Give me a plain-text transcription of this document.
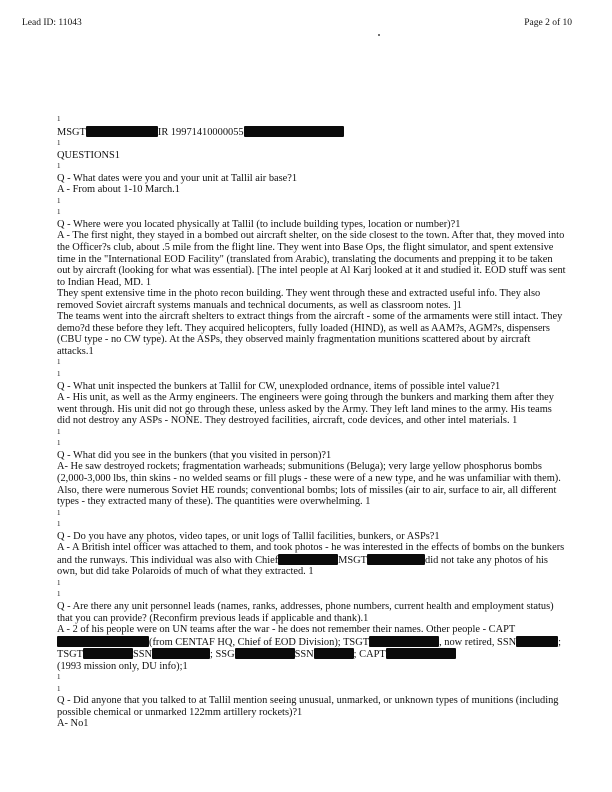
Lead ID: 11043	Page 2 of 10

1

MSGT	IR 19971410000055

1

QUESTIONS1

1

Q - What dates were you and your unit at Tallil air base?1

A - From about 1-10 March.1

1

1

Q - Where were you located physically at Tallil (to include building types, location or number)?1

A - The first night, they stayed in a bombed out aircraft shelter, on the side closest to the town. After that, they moved into the Officer?s club, about .5 mile from the flight line. They went into Base Ops, the flight simulator, and spent extensive time in the "International EOD Facility" (translated from Arabic), translating the documents and prepping it to be taken out by aircraft (looking for what was essential). [The intel people at Al Karj looked at it and studied it. EOD stuff was sent to Indian Head, MD. 1

They spent extensive time in the photo recon building. They went through these and extracted useful info. They also removed Soviet aircraft systems manuals and technical documents, as well as classroom notes. ]1

The teams went into the aircraft shelters to extract things from the aircraft - some of the armaments were still intact. They demo?d these before they left. They acquired helicopters, fully loaded (HIND), as well as AAM?s, AGM?s, dispensers (CBU type - no CW type). At the ASPs, they observed mainly fragmentation munitions scattered about by aircraft attacks.1

1

1

Q - What unit inspected the bunkers at Tallil for CW, unexploded ordnance, items of possible intel value?1

A - His unit, as well as the Army engineers. The engineers were going through the bunkers and marking them after they went through. His unit did not go through these, unless asked by the Army. They left land mines to the army. His teams did not destroy any ASPs - NONE. They destroyed facilities, aircraft, code devices, and other intel materials. 1

1

1

Q - What did you see in the bunkers (that you visited in person)?1

A- He saw destroyed rockets; fragmentation warheads; submunitions (Beluga); very large yellow phosphorus bombs (2,000-3,000 lbs, thin skins - no welded seams or fill plugs - these were of a new type, and he was unfamiliar with them). Also, there were numerous Soviet HE rounds; conventional bombs; lots of missiles (air to air, surface to air, all different types - they extracted many of these). The quantities were overwhelming. 1

1

1

Q - Do you have any photos, video tapes, or unit logs of Tallil facilities, bunkers, or ASPs?1

A - A British intel officer was attached to them, and took photos - he was interested in the effects of bombs on the bunkers and the runways. This individual was also with Chief	MSGT	did not take any photos of his own, but did take Polaroids of much of what they extracted. 1

1

1

Q - Are there any unit personnel leads (names, ranks, addresses, phone numbers, current health and employment status) that you can provide? (Reconfirm previous leads if applicable and thank).1

A - 2 of his people were on UN teams after the war - he does not remember their names. Other people - CAPT(from CENTAF HQ, Chief of EOD Division); TSGT	, now retired, SSN	; TSGT	SSN	; SSG	SSN	; CAPT
(1993 mission only, DU info);1

1

1

Q - Did anyone that you talked to at Tallil mention seeing unusual, unmarked, or unknown types of munitions (including possible chemical or unmarked 122mm artillery rockets)?1

A- No1
